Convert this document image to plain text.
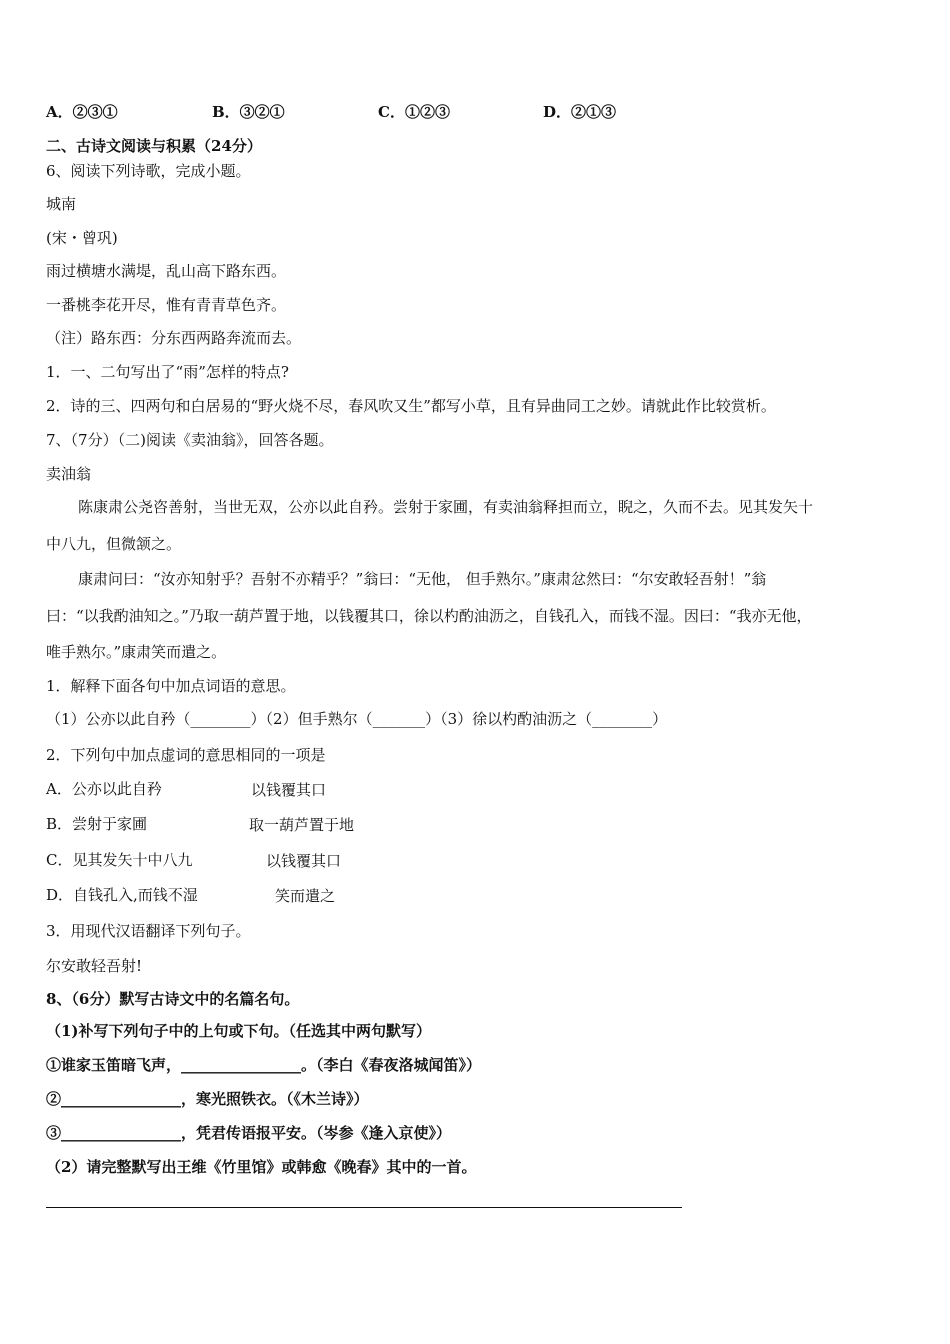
A．②③①	B．③②①	C．①②③	D．②①③
二、古诗文阅读与积累（24分）
6、阅读下列诗歌，完成小题。
城南
(宋・曾巩)
雨过横塘水满堤，乱山高下路东西。
一番桃李花开尽，惟有青青草色齐。
（注）路东西：分东西两路奔流而去。
1．一、二句写出了“雨”怎样的特点?
2．诗的三、四两句和白居易的“野火烧不尽，春风吹又生”都写小草，且有异曲同工之妙。请就此作比较赏析。
7、（7分）（二)阅读《卖油翁》，回答各题。
卖油翁
陈康肃公尧咨善射，当世无双，公亦以此自矜。尝射于家圃，有卖油翁释担而立，睨之，久而不去。见其发矢十
中八九，但微颔之。
康肃问曰：“汝亦知射乎？吾射不亦精乎？”翁曰：“无他， 但手熟尔。”康肃忿然曰：“尔安敢轻吾射！”翁
曰：“以我酌油知之。”乃取一葫芦置于地，以钱覆其口，徐以杓酌油沥之，自钱孔入，而钱不湿。因曰：“我亦无他，
唯手熟尔。”康肃笑而遣之。
1．解释下面各句中加点词语的意思。
（1）公亦以此自矜（________）（2）但手熟尔（_______）（3）徐以杓酌油沥之（________）
2．下列句中加点虚词的意思相同的一项是
A．公亦以此自矜	以钱覆其口
B．尝射于家圃	取一葫芦置于地
C．见其发矢十中八九	以钱覆其口
D．自钱孔入,而钱不湿	笑而遣之
3．用现代汉语翻译下列句子。
尔安敢轻吾射!
8、（6分）默写古诗文中的名篇名句。
（1)补写下列句子中的上句或下句。（任选其中两句默写）
①谁家玉笛暗飞声，________________。（李白《春夜洛城闻笛》）
②________________，寒光照铁衣。（《木兰诗》）
③________________，凭君传语报平安。（岑参《逢入京使》）
（2）请完整默写出王维《竹里馆》或韩愈《晚春》其中的一首。
